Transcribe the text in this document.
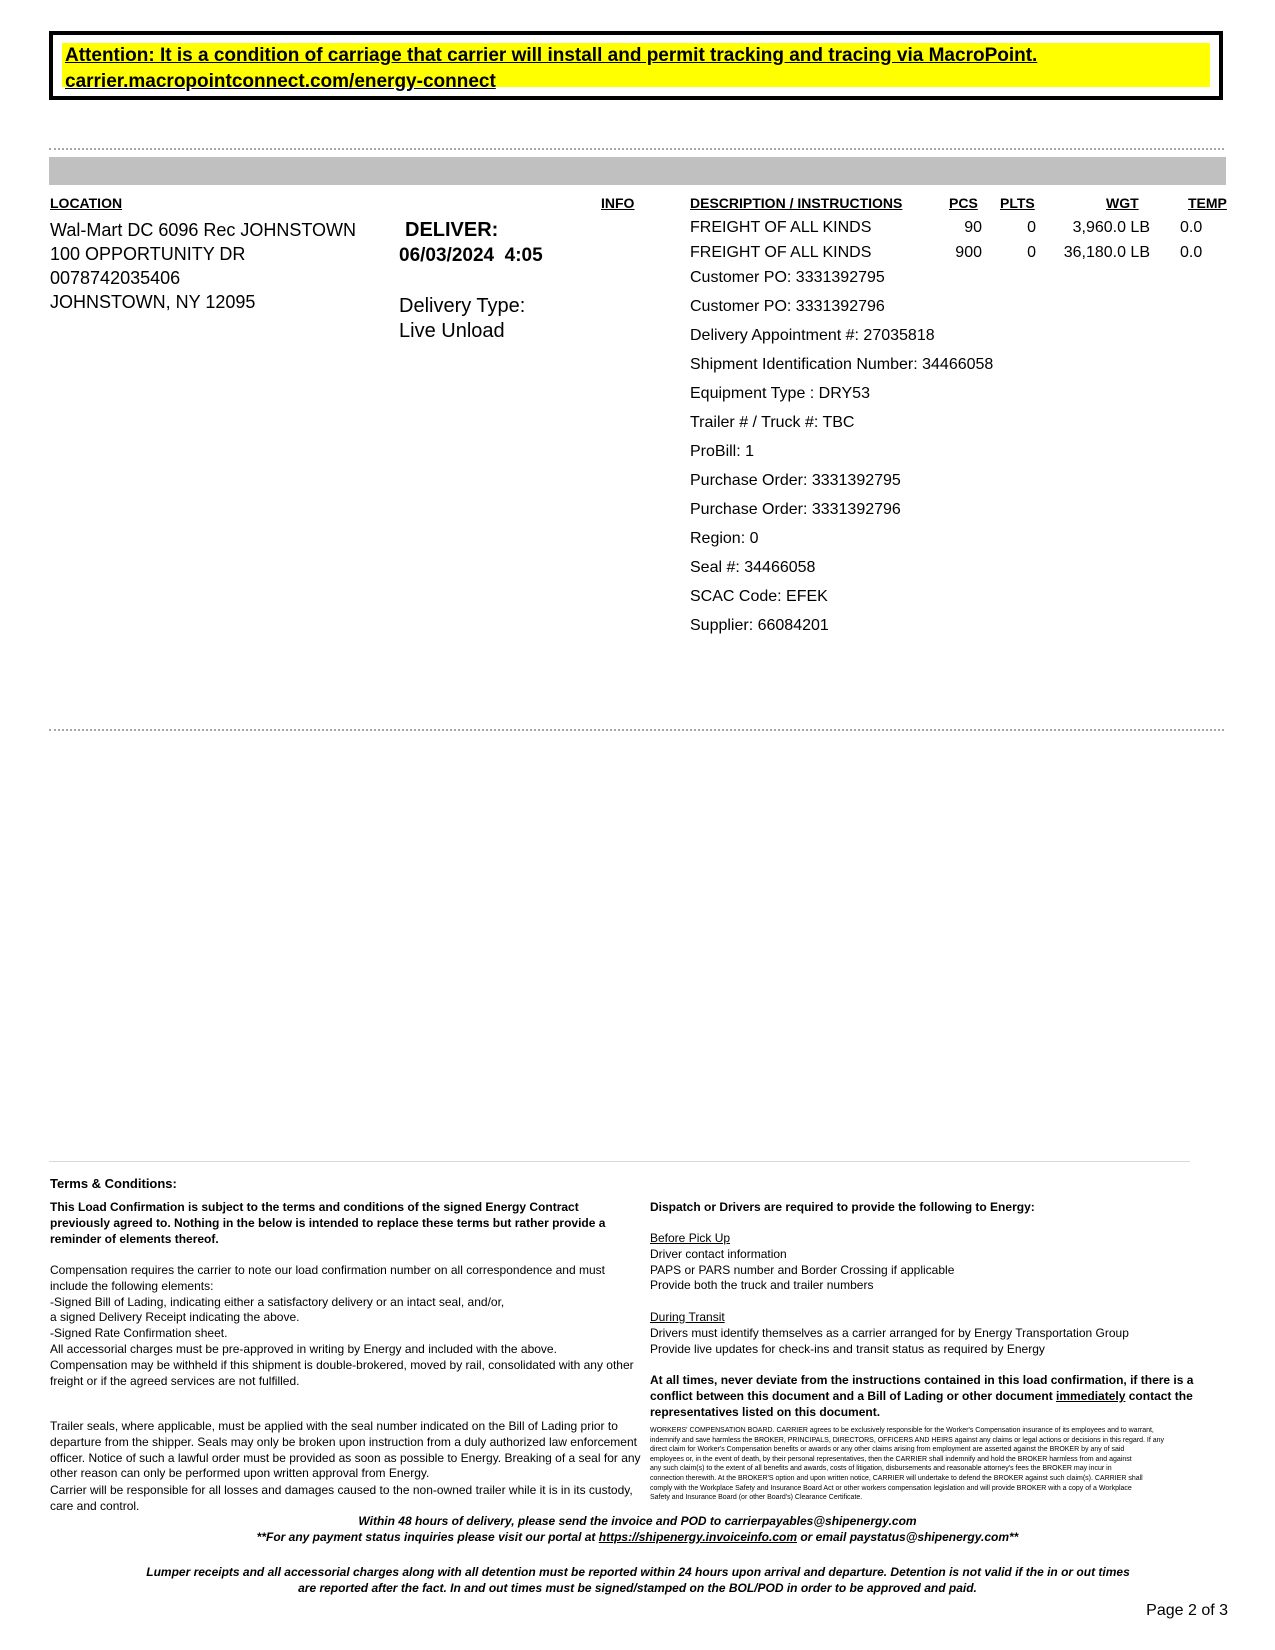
Attention: It is a condition of carriage that carrier will install and permit tracking and tracing via MacroPoint.
carrier.macropointconnect.com/energy-connect
LOCATION	INFO	DESCRIPTION / INSTRUCTIONS	PCS PLTS	WGT	TEMP
Wal-Mart DC 6096 Rec JOHNSTOWN
100 OPPORTUNITY DR
0078742035406
JOHNSTOWN, NY 12095
DELIVER:
06/03/2024  4:05
Delivery Type:
Live Unload
FREIGHT OF ALL KINDS	90	0	3,960.0 LB 0.0
FREIGHT OF ALL KINDS	900	0	36,180.0 LB 0.0
Customer PO: 3331392795
Customer PO: 3331392796
Delivery Appointment #: 27035818
Shipment Identification Number: 34466058
Equipment Type : DRY53
Trailer # / Truck #: TBC
ProBill: 1
Purchase Order: 3331392795
Purchase Order: 3331392796
Region: 0
Seal #: 34466058
SCAC Code: EFEK
Supplier: 66084201
Terms & Conditions:
This Load Confirmation is subject to the terms and conditions of the signed Energy Contract
previously agreed to. Nothing in the below is intended to replace these terms but rather provide a
reminder of elements thereof.
Compensation requires the carrier to note our load confirmation number on all correspondence and must
include the following elements:
-Signed Bill of Lading, indicating either a satisfactory delivery or an intact seal, and/or,
a signed Delivery Receipt indicating the above.
-Signed Rate Confirmation sheet.
All accessorial charges must be pre-approved in writing by Energy and included with the above.
Compensation may be withheld if this shipment is double-brokered, moved by rail, consolidated with any other
freight or if the agreed services are not fulfilled.
Trailer seals, where applicable, must be applied with the seal number indicated on the Bill of Lading prior to
departure from the shipper. Seals may only be broken upon instruction from a duly authorized law enforcement
officer. Notice of such a lawful order must be provided as soon as possible to Energy. Breaking of a seal for any
other reason can only be performed upon written approval from Energy.
Carrier will be responsible for all losses and damages caused to the non-owned trailer while it is in its custody,
care and control.
Dispatch or Drivers are required to provide the following to Energy:
Before Pick Up
Driver contact information
PAPS or PARS number and Border Crossing if applicable
Provide both the truck and trailer numbers
During Transit
Drivers must identify themselves as a carrier arranged for by Energy Transportation Group
Provide live updates for check-ins and transit status as required by Energy
At all times, never deviate from the instructions contained in this load confirmation, if there is a
conflict between this document and a Bill of Lading or other document immediately contact the
representatives listed on this document.
WORKERS' COMPENSATION BOARD. CARRIER agrees to be exclusively responsible for the Worker's Compensation insurance of its employees and to warrant,
indemnify and save harmless the BROKER, PRINCIPALS, DIRECTORS, OFFICERS AND HEIRS against any claims or legal actions or decisions in this regard. If any
direct claim for Worker's Compensation benefits or awards or any other claims arising from employment are asserted against the BROKER by any of said
employees or, in the event of death, by their personal representatives, then the CARRIER shall indemnify and hold the BROKER harmless from and against
any such claim(s) to the extent of all benefits and awards, costs of litigation, disbursements and reasonable attorney's fees the BROKER may incur in
connection therewith. At the BROKER'S option and upon written notice, CARRIER will undertake to defend the BROKER against such claim(s). CARRIER shall
comply with the Workplace Safety and Insurance Board Act or other workers compensation legislation and will provide BROKER with a copy of a Workplace
Safety and Insurance Board (or other Board's) Clearance Certificate.
Within 48 hours of delivery, please send the invoice and POD to carrierpayables@shipenergy.com
**For any payment status inquiries please visit our portal at https://shipenergy.invoiceinfo.com or email paystatus@shipenergy.com**
Lumper receipts and all accessorial charges along with all detention must be reported within 24 hours upon arrival and departure. Detention is not valid if the in or out times
are reported after the fact. In and out times must be signed/stamped on the BOL/POD in order to be approved and paid.
Page 2 of 3
